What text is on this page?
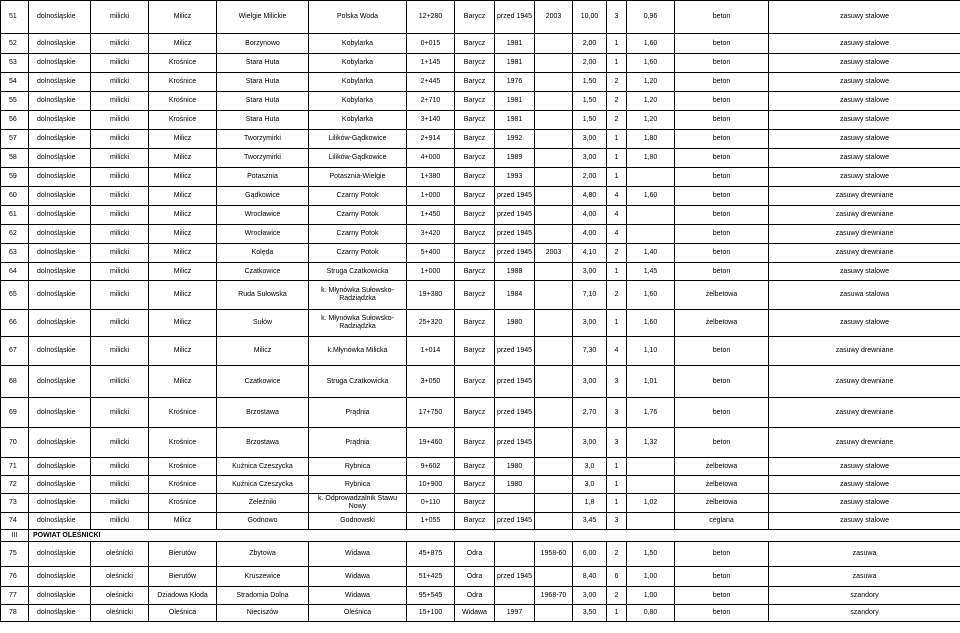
51	dolnośląskie	milicki	Milicz	Wielgie Milickie	Polska Woda	12+280	Barycz	przed 1945	2003	10,00	3	0,96	beton	zasuwy stalowe
52	dolnośląskie	milicki	Milicz	Borzynowo	Kobylarka	0+015	Barycz	1981		2,00	1	1,60	beton	zasuwy stalowe
53	dolnośląskie	milicki	Krośnice	Stara Huta	Kobylarka	1+145	Barycz	1981		2,00	1	1,60	beton	zasuwy stalowe
54	dolnośląskie	milicki	Krośnice	Stara Huta	Kobylarka	2+445	Barycz	1976		1,50	2	1,20	beton	zasuwy stalowe
55	dolnośląskie	milicki	Krośnice	Stara Huta	Kobylarka	2+710	Barycz	1981		1,50	2	1,20	beton	zasuwy stalowe
56	dolnośląskie	milicki	Krośnice	Stara Huta	Kobylarka	3+140	Barycz	1981		1,50	2	1,20	beton	zasuwy stalowe
57	dolnośląskie	milicki	Milicz	Tworzymirki	Lilików-Gądkowice	2+914	Barycz	1992		3,00	1	1,80	beton	zasuwy stalowe
58	dolnośląskie	milicki	Milicz	Tworzymirki	Lilików-Gądkowice	4+000	Barycz	1989		3,00	1	1,80	beton	zasuwy stalowe
59	dolnośląskie	milicki	Milicz	Potasznia	Potasznia-Wielgie	1+380	Barycz	1993		2,00	1		beton	zasuwy stalowe
60	dolnośląskie	milicki	Milicz	Gądkowice	Czarny Potok	1+000	Barycz	przed 1945		4,80	4	1,60	beton	zasuwy drewniane
61	dolnośląskie	milicki	Milicz	Wrocławice	Czarny Potok	1+450	Barycz	przed 1945		4,00	4		beton	zasuwy drewniane
62	dolnośląskie	milicki	Milicz	Wrocławice	Czarny Potok	3+420	Barycz	przed 1945		4,00	4		beton	zasuwy drewniane
63	dolnośląskie	milicki	Milicz	Kolęda	Czarny Potok	5+400	Barycz	przed 1945	2003	4,10	2	1,40	beton	zasuwy drewniane
64	dolnośląskie	milicki	Milicz	Czatkowice	Struga Czatkowicka	1+000	Barycz	1988		3,00	1	1,45	beton	zasuwy stalowe
65	dolnośląskie	milicki	Milicz	Ruda Sułowska	k. Młynówka Sułowsko-Radziądzka	19+380	Barycz	1984		7,10	2	1,60	żelbetowa	zasuwa stalowa
66	dolnośląskie	milicki	Milicz	Sułów	k. Młynówka Sułowsko-Radziądzka	25+320	Barycz	1980		3,00	1	1,60	żelbetowa	zasuwy stalowe
67	dolnośląskie	milicki	Milicz	Milicz	k.Młynówka Milicka	1+014	Barycz	przed 1945		7,30	4	1,10	beton	zasuwy drewniane
68	dolnośląskie	milicki	Milicz	Czatkowice	Struga Czatkowicka	3+050	Barycz	przed 1945		3,00	3	1,01	beton	zasuwy drewniane
69	dolnośląskie	milicki	Krośnice	Brzostawa	Prądnia	17+750	Barycz	przed 1945		2,70	3	1,76	beton	zasuwy drewniane
70	dolnośląskie	milicki	Krośnice	Brzostawa	Prądnia	19+460	Barycz	przed 1945		3,00	3	1,32	beton	zasuwy drewniane
71	dolnośląskie	milicki	Krośnice	Kuźnica Czeszycka	Rybnica	9+602	Barycz	1980		3,0	1		żelbetowa	zasuwy stalowe
72	dolnośląskie	milicki	Krośnice	Kuźnica Czeszycka	Rybnica	10+900	Barycz	1980		3,0	1		żelbetowa	zasuwy stalowe
73	dolnośląskie	milicki	Krośnice	Żeleźniki	k. Odprowadzalnik Stawu Nowy	0+110	Barycz			1,8	1	1,02	żelbetowa	zasuwy stalowe
74	dolnośląskie	milicki	Milicz	Godnowo	Godnowski	1+055	Barycz	przed 1945		3,45	3		ceglana	zasuwy stalowe
III	POWIAT OLEŚNICKI													
75	dolnośląskie	oleśnicki	Bierutów	Zbytowa	Widawa	45+875	Odra		1958-60	6,00	2	1,50	beton	zasuwa
76	dolnośląskie	oleśnicki	Bierutów	Kruszewice	Widawa	51+425	Odra	przed 1945		8,40	6	1,00	beton	zasuwa
77	dolnośląskie	oleśnicki	Dziadowa Kłoda	Stradomia Dolna	Widawa	95+545	Odra		1968-70	3,00	2	1,00	beton	szandory
78	dolnośląskie	oleśnicki	Oleśnica	Nieciszów	Oleśnica	15+100	Widawa	1997		3,50	1	0,80	beton	szandory
